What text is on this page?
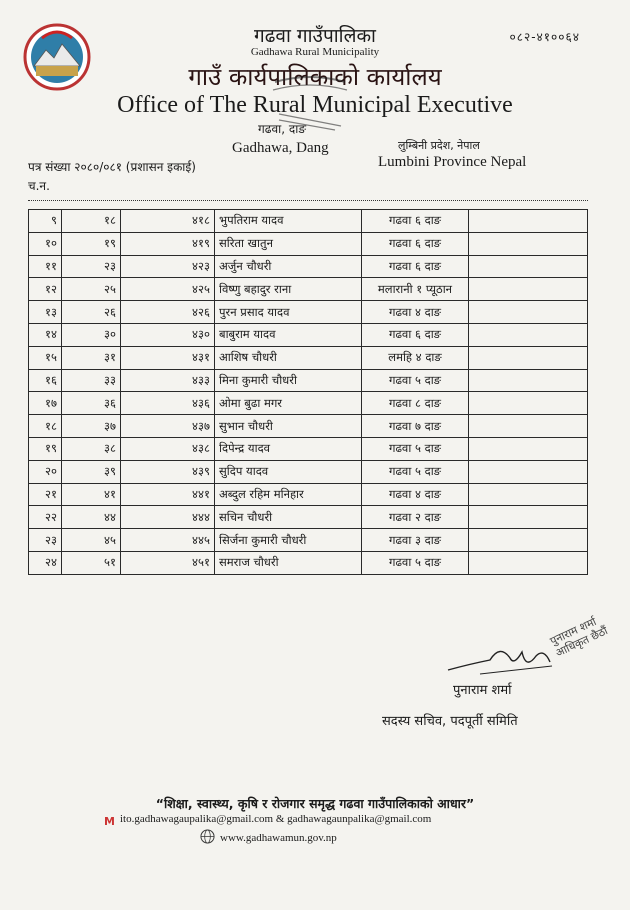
गढवा गाउँपालिका	०८२-४१००६४
Gadhawa Rural Municipality
गाउँ कार्यपालिकाको कार्यालय
Office of The Rural Municipal Executive
गढवा, दाङ
Gadhawa, Dang	लुम्बिनी प्रदेश, नेपाल
Lumbini Province Nepal
पत्र संख्या २०८०/०८१ (प्रशासन इकाई)
च.न.
९	१८	४१८	भुपतिराम यादव	गढवा ६ दाङ	
१०	१९	४१९	सरिता खातुन	गढवा ६ दाङ	
११	२३	४२३	अर्जुन चौधरी	गढवा ६ दाङ	
१२	२५	४२५	विष्णु बहादुर राना	मलारानी १ प्यूठान	
१३	२६	४२६	पुरन प्रसाद यादव	गढवा ४ दाङ	
१४	३०	४३०	बाबुराम यादव	गढवा ६ दाङ	
१५	३१	४३१	आशिष चौधरी	लमहि ४ दाङ	
१६	३३	४३३	मिना कुमारी चौधरी	गढवा ५ दाङ	
१७	३६	४३६	ओमा बुढा मगर	गढवा ८ दाङ	
१८	३७	४३७	सुभान चौधरी	गढवा ७ दाङ	
१९	३८	४३८	दिपेन्द्र यादव	गढवा ५ दाङ	
२०	३९	४३९	सुदिप यादव	गढवा ५ दाङ	
२१	४१	४४१	अब्दुल रहिम मनिहार	गढवा ४ दाङ	
२२	४४	४४४	सचिन चौधरी	गढवा २ दाङ	
२३	४५	४४५	सिर्जना कुमारी चौधरी	गढवा ३ दाङ	
२४	५१	४५१	समराज चौधरी	गढवा ५ दाङ	
पुनाराम शर्मा आधिकृत छैठौं
पुनाराम शर्मा
सदस्य सचिव, पदपूर्ती समिति
“शिक्षा, स्वास्थ्य, कृषि र रोजगार समृद्ध गढवा गाउँपालिकाको आधार”
M ito.gadhawagaupalika@gmail.com & gadhawagaunpalika@gmail.com
www.gadhawamun.gov.np
